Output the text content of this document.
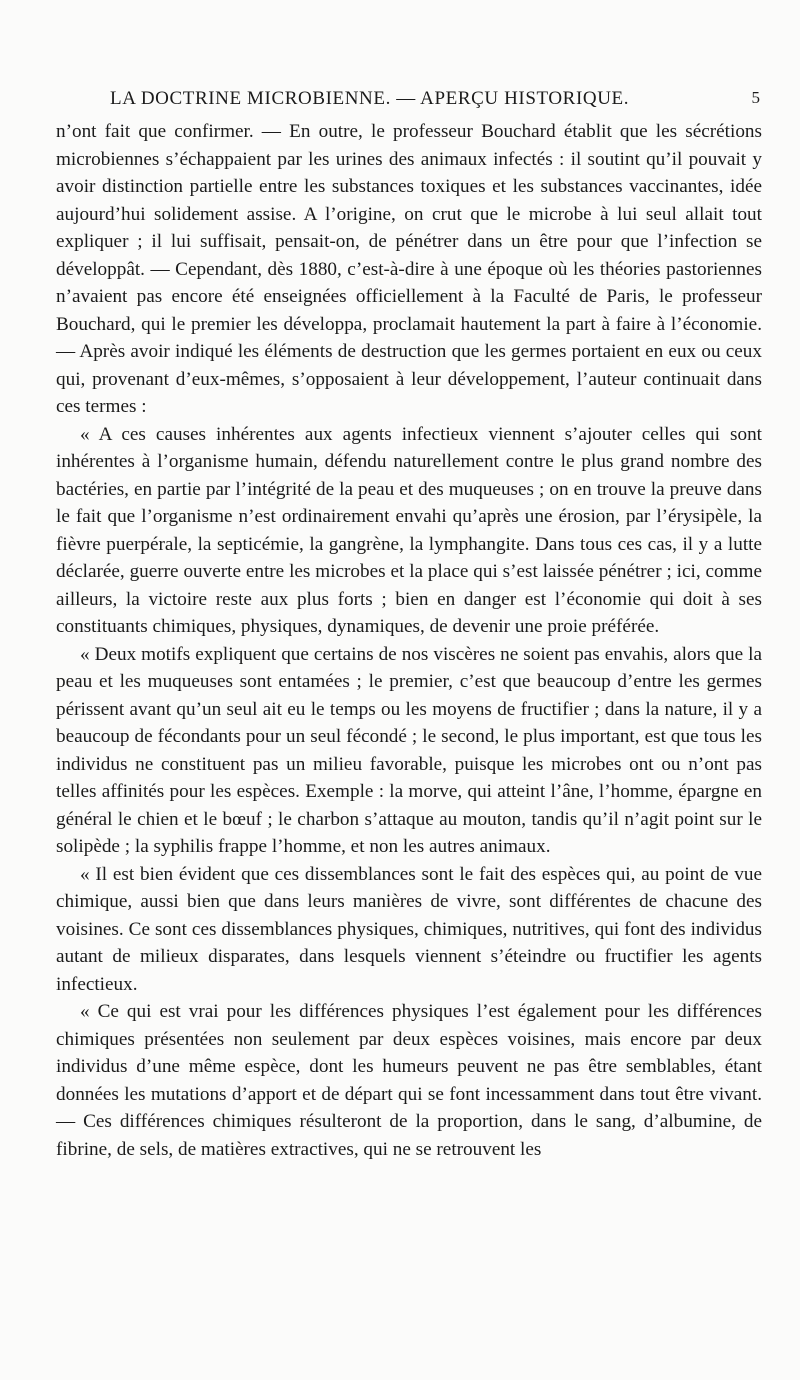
LA DOCTRINE MICROBIENNE. — APERÇU HISTORIQUE.	5

n’ont fait que confirmer. — En outre, le professeur Bouchard établit que les sécrétions microbiennes s’échappaient par les urines des animaux infectés : il soutint qu’il pouvait y avoir distinction partielle entre les substances toxiques et les substances vaccinantes, idée aujourd’hui solidement assise. A l’origine, on crut que le microbe à lui seul allait tout expliquer ; il lui suffisait, pensait-on, de pénétrer dans un être pour que l’infection se développât. — Cependant, dès 1880, c’est-à-dire à une époque où les théories pastoriennes n’avaient pas encore été enseignées officiellement à la Faculté de Paris, le professeur Bouchard, qui le premier les développa, proclamait hautement la part à faire à l’économie. — Après avoir indiqué les éléments de destruction que les germes portaient en eux ou ceux qui, provenant d’eux-mêmes, s’opposaient à leur développement, l’auteur continuait dans ces termes :

« A ces causes inhérentes aux agents infectieux viennent s’ajouter celles qui sont inhérentes à l’organisme humain, défendu naturellement contre le plus grand nombre des bactéries, en partie par l’intégrité de la peau et des muqueuses ; on en trouve la preuve dans le fait que l’organisme n’est ordinairement envahi qu’après une érosion, par l’érysipèle, la fièvre puerpérale, la septicémie, la gangrène, la lymphangite. Dans tous ces cas, il y a lutte déclarée, guerre ouverte entre les microbes et la place qui s’est laissée pénétrer ; ici, comme ailleurs, la victoire reste aux plus forts ; bien en danger est l’économie qui doit à ses constituants chimiques, physiques, dynamiques, de devenir une proie préférée.

« Deux motifs expliquent que certains de nos viscères ne soient pas envahis, alors que la peau et les muqueuses sont entamées ; le premier, c’est que beaucoup d’entre les germes périssent avant qu’un seul ait eu le temps ou les moyens de fructifier ; dans la nature, il y a beaucoup de fécondants pour un seul fécondé ; le second, le plus important, est que tous les individus ne constituent pas un milieu favorable, puisque les microbes ont ou n’ont pas telles affinités pour les espèces. Exemple : la morve, qui atteint l’âne, l’homme, épargne en général le chien et le bœuf ; le charbon s’attaque au mouton, tandis qu’il n’agit point sur le solipède ; la syphilis frappe l’homme, et non les autres animaux.

« Il est bien évident que ces dissemblances sont le fait des espèces qui, au point de vue chimique, aussi bien que dans leurs manières de vivre, sont différentes de chacune des voisines. Ce sont ces dissemblances physiques, chimiques, nutritives, qui font des individus autant de milieux disparates, dans lesquels viennent s’éteindre ou fructifier les agents infectieux.

« Ce qui est vrai pour les différences physiques l’est également pour les différences chimiques présentées non seulement par deux espèces voisines, mais encore par deux individus d’une même espèce, dont les humeurs peuvent ne pas être semblables, étant données les mutations d’apport et de départ qui se font incessamment dans tout être vivant. — Ces différences chimiques résulteront de la proportion, dans le sang, d’albumine, de fibrine, de sels, de matières extractives, qui ne se retrouvent les
